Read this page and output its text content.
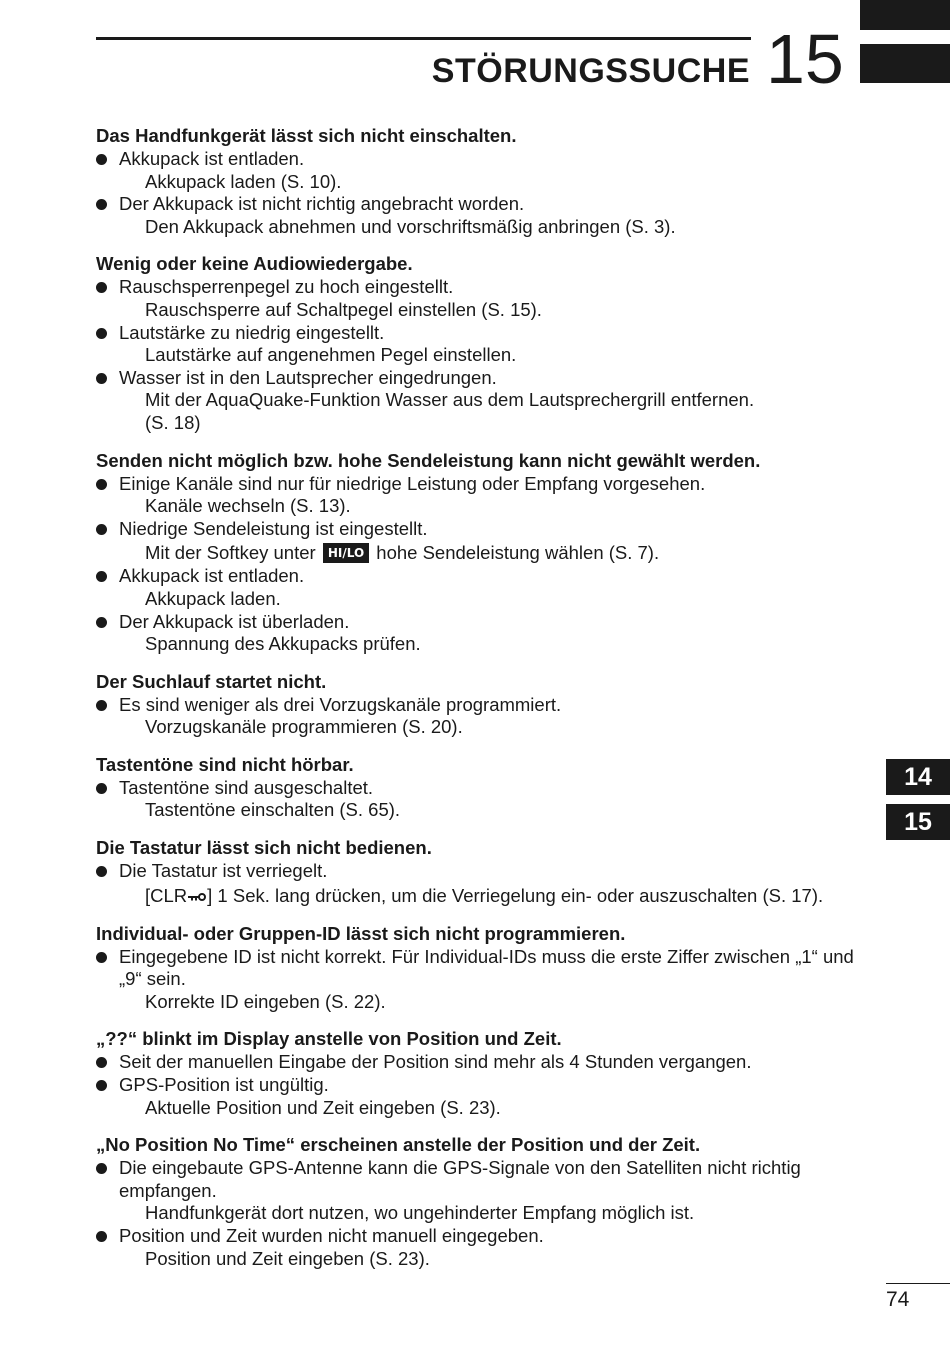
STÖRUNGSSUCHE 15
14
15
Das Handfunkgerät lässt sich nicht einschalten.
Akkupack ist entladen.
Akkupack laden (S. 10).
Der Akkupack ist nicht richtig angebracht worden.
Den Akkupack abnehmen und vorschriftsmäßig anbringen (S. 3).
Wenig oder keine Audiowiedergabe.
Rauschsperrenpegel zu hoch eingestellt.
Rauschsperre auf Schaltpegel einstellen (S. 15).
Lautstärke zu niedrig eingestellt.
Lautstärke auf angenehmen Pegel einstellen.
Wasser ist in den Lautsprecher eingedrungen.
Mit der AquaQuake-Funktion Wasser aus dem Lautsprechergrill entfernen.
(S. 18)
Senden nicht möglich bzw. hohe Sendeleistung kann nicht gewählt werden.
Einige Kanäle sind nur für niedrige Leistung oder Empfang vorgesehen.
Kanäle wechseln (S. 13).
Niedrige Sendeleistung ist eingestellt.
Mit der Softkey unter HI/LO hohe Sendeleistung wählen (S. 7).
Akkupack ist entladen.
Akkupack laden.
Der Akkupack ist überladen.
Spannung des Akkupacks prüfen.
Der Suchlauf startet nicht.
Es sind weniger als drei Vorzugskanäle programmiert.
Vorzugskanäle programmieren (S. 20).
Tastentöne sind nicht hörbar.
Tastentöne sind ausgeschaltet.
Tastentöne einschalten (S. 65).
Die Tastatur lässt sich nicht bedienen.
Die Tastatur ist verriegelt.
[CLR ] 1 Sek. lang drücken, um die Verriegelung ein- oder auszuschalten (S. 17).
Individual- oder Gruppen-ID lässt sich nicht programmieren.
Eingegebene ID ist nicht korrekt. Für Individual-IDs muss die erste Ziffer zwischen „1“ und „9“ sein.
Korrekte ID eingeben (S. 22).
„??“ blinkt im Display anstelle von Position und Zeit.
Seit der manuellen Eingabe der Position sind mehr als 4 Stunden vergangen.
GPS-Position ist ungültig.
Aktuelle Position und Zeit eingeben (S. 23).
„No Position No Time“ erscheinen anstelle der Position und der Zeit.
Die eingebaute GPS-Antenne kann die GPS-Signale von den Satelliten nicht richtig empfangen.
Handfunkgerät dort nutzen, wo ungehinderter Empfang möglich ist.
Position und Zeit wurden nicht manuell eingegeben.
Position und Zeit eingeben (S. 23).
74
